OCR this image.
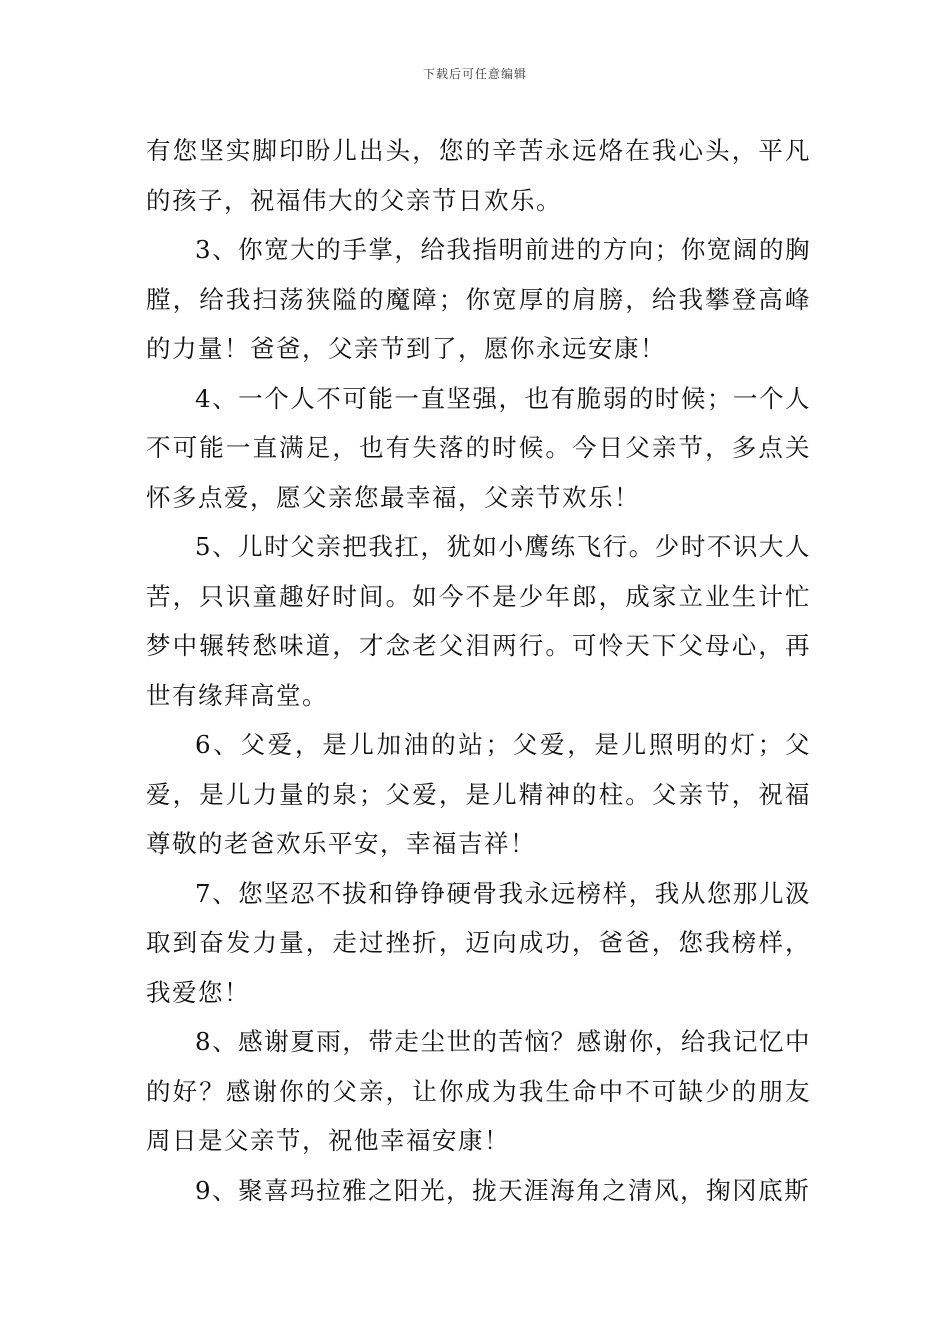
下载后可任意编辑

有您坚实脚印盼儿出头，您的辛苦永远烙在我心头，平凡的孩子，祝福伟大的父亲节日欢乐。

3、你宽大的手掌，给我指明前进的方向；你宽阔的胸膛，给我扫荡狭隘的魔障；你宽厚的肩膀，给我攀登高峰的力量！爸爸，父亲节到了，愿你永远安康！

4、一个人不可能一直坚强，也有脆弱的时候；一个人不可能一直满足，也有失落的时候。今日父亲节，多点关怀多点爱，愿父亲您最幸福，父亲节欢乐！

5、儿时父亲把我扛，犹如小鹰练飞行。少时不识大人苦，只识童趣好时间。如今不是少年郎，成家立业生计忙梦中辗转愁味道，才念老父泪两行。可怜天下父母心，再世有缘拜高堂。

6、父爱，是儿加油的站；父爱，是儿照明的灯；父爱，是儿力量的泉；父爱，是儿精神的柱。父亲节，祝福尊敬的老爸欢乐平安，幸福吉祥！

7、您坚忍不拔和铮铮硬骨我永远榜样，我从您那儿汲取到奋发力量，走过挫折，迈向成功，爸爸，您我榜样，我爱您！

8、感谢夏雨，带走尘世的苦恼？感谢你，给我记忆中的好？感谢你的父亲，让你成为我生命中不可缺少的朋友周日是父亲节，祝他幸福安康！

9、聚喜玛拉雅之阳光，拢天涯海角之清风，掬冈底斯
